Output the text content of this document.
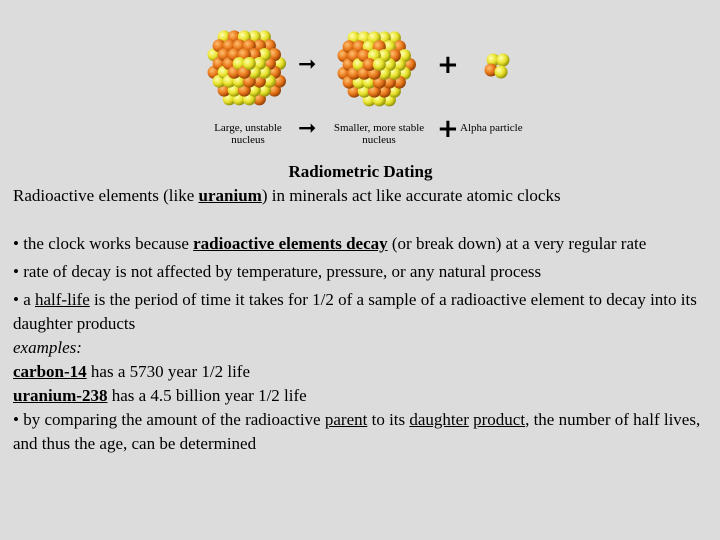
➞	+
Large, unstable
nucleus	➞	Smaller, more stable
nucleus	+ Alpha particle
Radiometric Dating
Radioactive elements (like uranium) in minerals act like accurate atomic clocks
• the clock works because radioactive elements decay (or break down) at a very regular rate
• rate of decay is not affected by temperature, pressure, or any natural process
• a half-life is the period of time it takes for 1/2 of a sample of a radioactive element to decay into its daughter products
examples:
carbon-14 has a 5730 year 1/2 life
uranium-238 has a 4.5 billion year 1/2 life
• by comparing the amount of the radioactive parent to its daughter product, the number of half lives, and thus the age, can be determined
